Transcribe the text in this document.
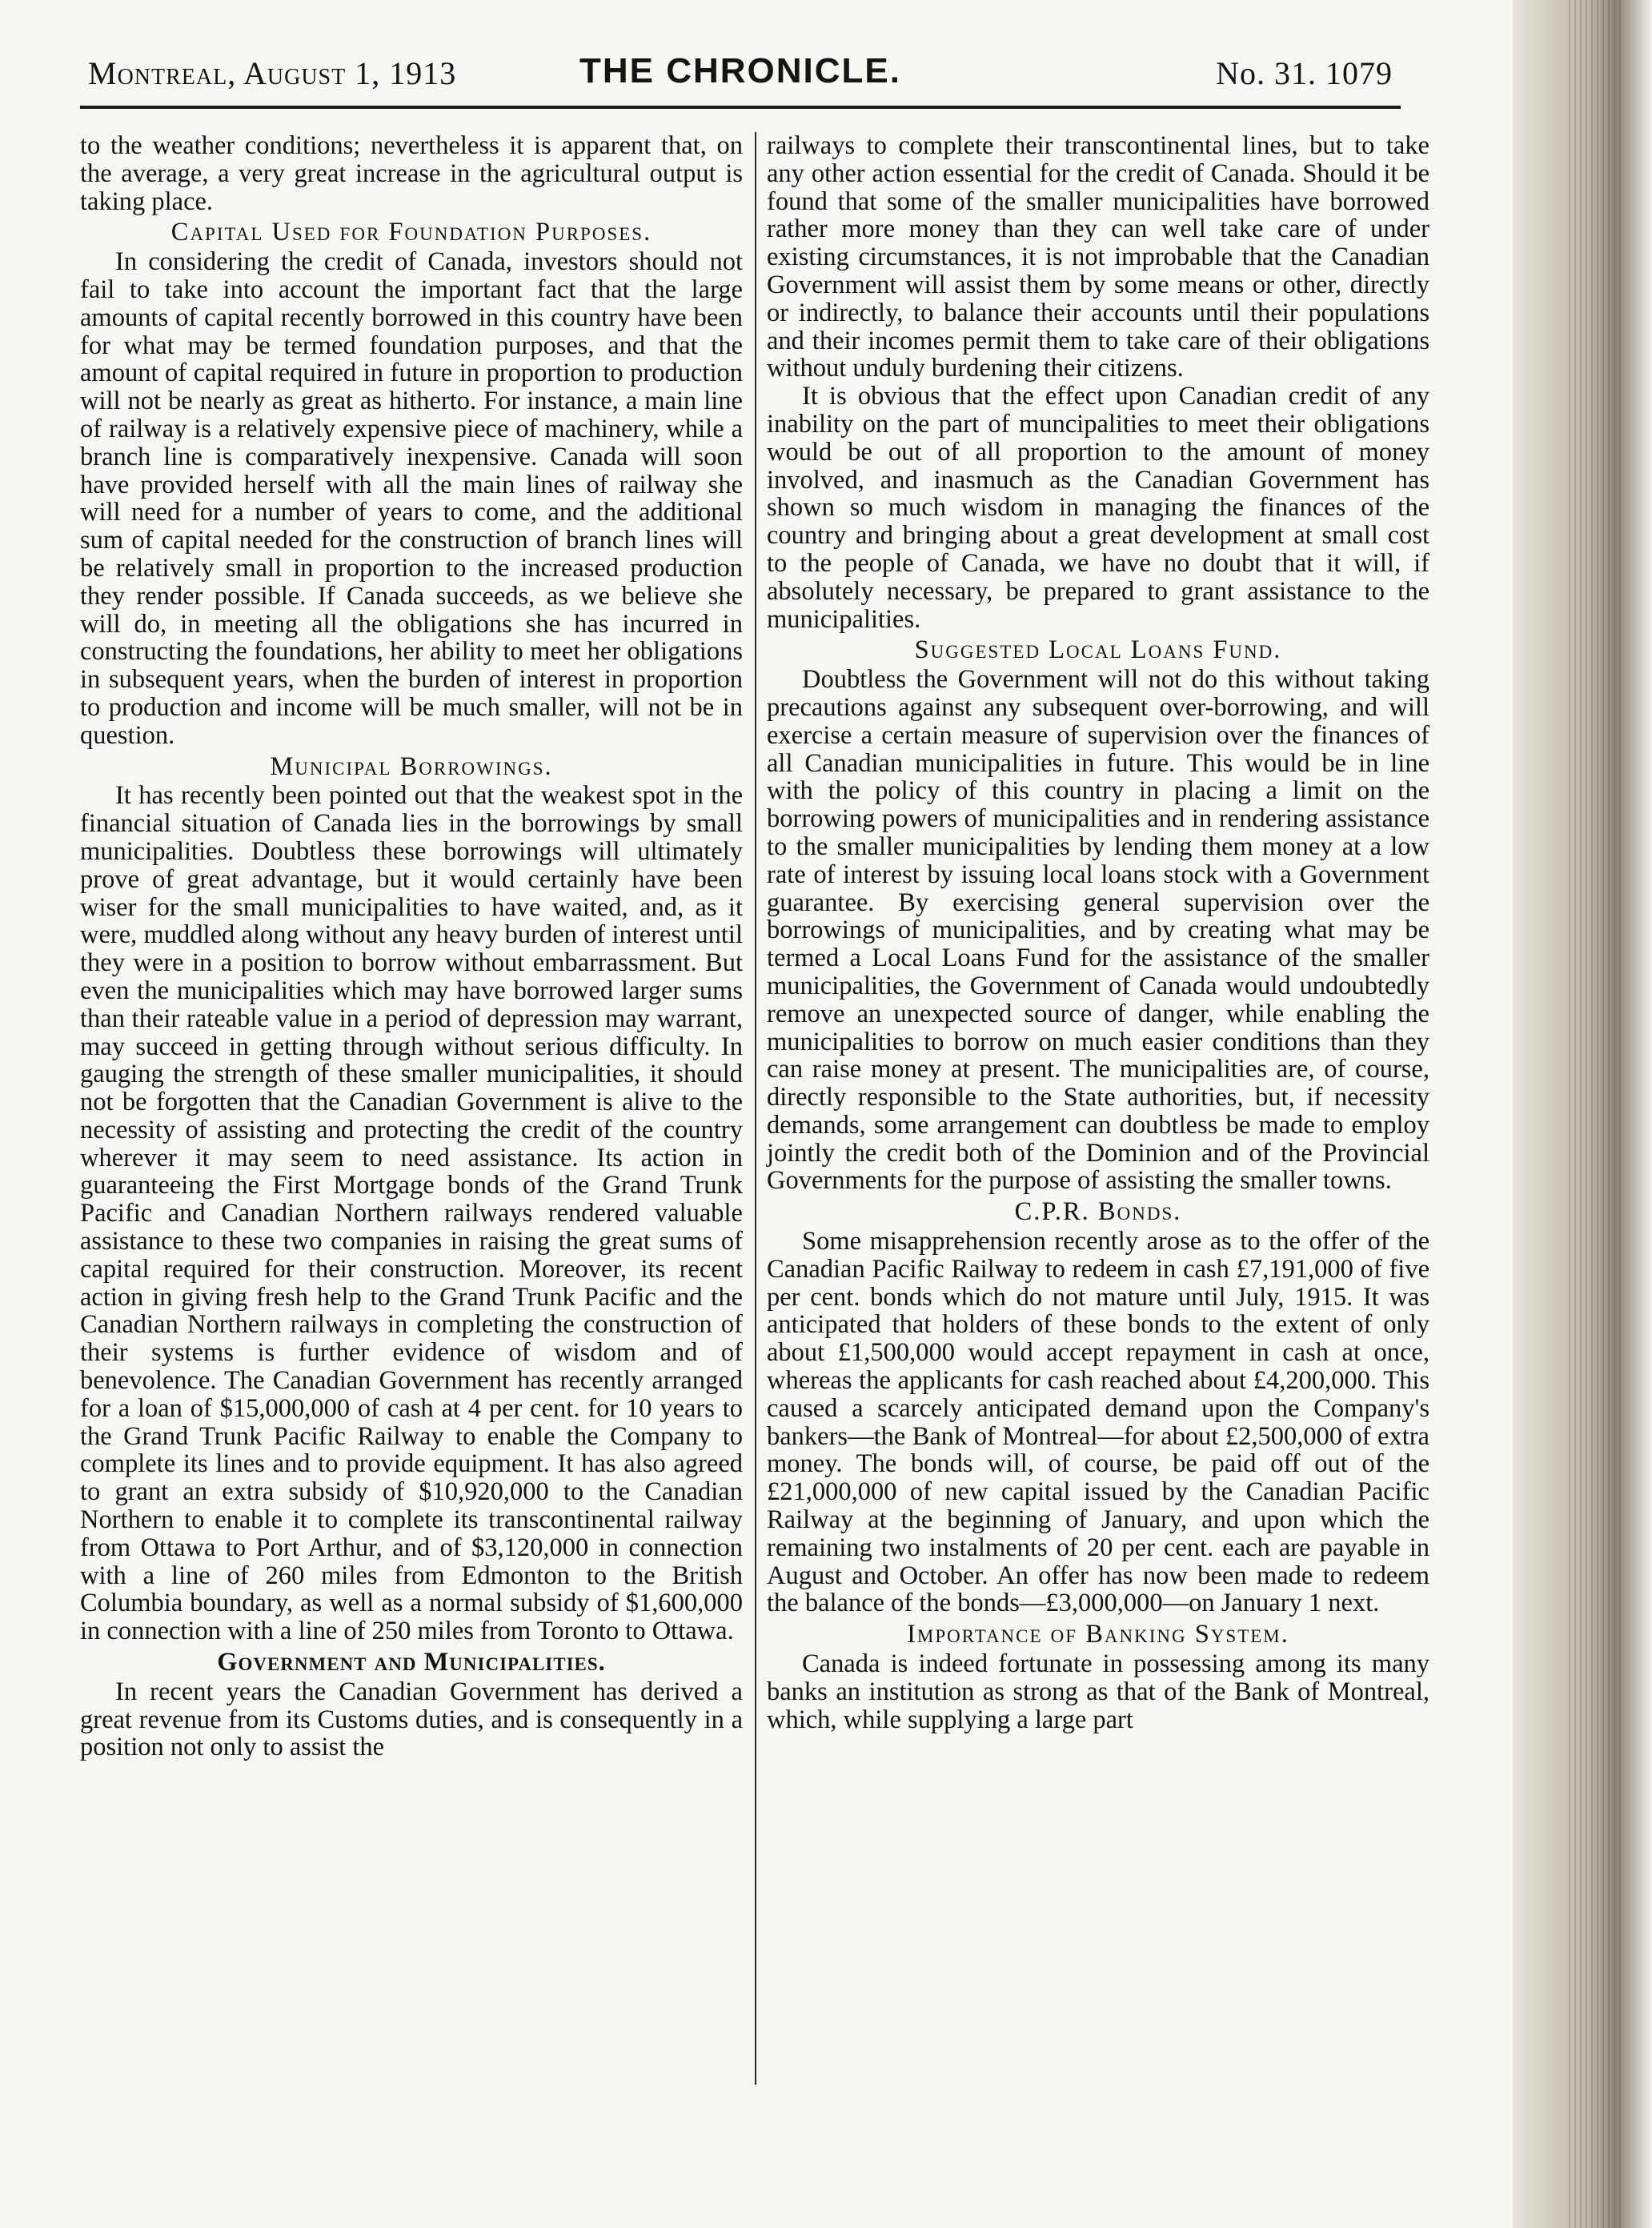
Montreal, August 1, 1913	THE CHRONICLE.	No. 31. 1079

to the weather conditions; nevertheless it is apparent that, on the average, a very great increase in the agricultural output is taking place.

Capital Used for Foundation Purposes.

In considering the credit of Canada, investors should not fail to take into account the important fact that the large amounts of capital recently borrowed in this country have been for what may be termed foundation purposes, and that the amount of capital required in future in proportion to production will not be nearly as great as hitherto. For instance, a main line of railway is a relatively expensive piece of machinery, while a branch line is comparatively inexpensive. Canada will soon have provided herself with all the main lines of railway she will need for a number of years to come, and the additional sum of capital needed for the construction of branch lines will be relatively small in proportion to the increased production they render possible. If Canada succeeds, as we believe she will do, in meeting all the obligations she has incurred in constructing the foundations, her ability to meet her obligations in subsequent years, when the burden of interest in proportion to production and income will be much smaller, will not be in question.

Municipal Borrowings.

It has recently been pointed out that the weakest spot in the financial situation of Canada lies in the borrowings by small municipalities. Doubtless these borrowings will ultimately prove of great advantage, but it would certainly have been wiser for the small municipalities to have waited, and, as it were, muddled along without any heavy burden of interest until they were in a position to borrow without embarrassment. But even the municipalities which may have borrowed larger sums than their rateable value in a period of depression may warrant, may succeed in getting through without serious difficulty. In gauging the strength of these smaller municipalities, it should not be forgotten that the Canadian Government is alive to the necessity of assisting and protecting the credit of the country wherever it may seem to need assistance. Its action in guaranteeing the First Mortgage bonds of the Grand Trunk Pacific and Canadian Northern railways rendered valuable assistance to these two companies in raising the great sums of capital required for their construction. Moreover, its recent action in giving fresh help to the Grand Trunk Pacific and the Canadian Northern railways in completing the construction of their systems is further evidence of wisdom and of benevolence. The Canadian Government has recently arranged for a loan of $15,000,000 of cash at 4 per cent. for 10 years to the Grand Trunk Pacific Railway to enable the Company to complete its lines and to provide equipment. It has also agreed to grant an extra subsidy of $10,920,000 to the Canadian Northern to enable it to complete its transcontinental railway from Ottawa to Port Arthur, and of $3,120,000 in connection with a line of 260 miles from Edmonton to the British Columbia boundary, as well as a normal subsidy of $1,600,000 in connection with a line of 250 miles from Toronto to Ottawa.

Government and Municipalities.

In recent years the Canadian Government has derived a great revenue from its Customs duties, and is consequently in a position not only to assist the

railways to complete their transcontinental lines, but to take any other action essential for the credit of Canada. Should it be found that some of the smaller municipalities have borrowed rather more money than they can well take care of under existing circumstances, it is not improbable that the Canadian Government will assist them by some means or other, directly or indirectly, to balance their accounts until their populations and their incomes permit them to take care of their obligations without unduly burdening their citizens.

It is obvious that the effect upon Canadian credit of any inability on the part of muncipalities to meet their obligations would be out of all proportion to the amount of money involved, and inasmuch as the Canadian Government has shown so much wisdom in managing the finances of the country and bringing about a great development at small cost to the people of Canada, we have no doubt that it will, if absolutely necessary, be prepared to grant assistance to the municipalities.

Suggested Local Loans Fund.

Doubtless the Government will not do this without taking precautions against any subsequent over-borrowing, and will exercise a certain measure of supervision over the finances of all Canadian municipalities in future. This would be in line with the policy of this country in placing a limit on the borrowing powers of municipalities and in rendering assistance to the smaller municipalities by lending them money at a low rate of interest by issuing local loans stock with a Government guarantee. By exercising general supervision over the borrowings of municipalities, and by creating what may be termed a Local Loans Fund for the assistance of the smaller municipalities, the Government of Canada would undoubtedly remove an unexpected source of danger, while enabling the municipalities to borrow on much easier conditions than they can raise money at present. The municipalities are, of course, directly responsible to the State authorities, but, if necessity demands, some arrangement can doubtless be made to employ jointly the credit both of the Dominion and of the Provincial Governments for the purpose of assisting the smaller towns.

C.P.R. Bonds.

Some misapprehension recently arose as to the offer of the Canadian Pacific Railway to redeem in cash £7,191,000 of five per cent. bonds which do not mature until July, 1915. It was anticipated that holders of these bonds to the extent of only about £1,500,000 would accept repayment in cash at once, whereas the applicants for cash reached about £4,200,000. This caused a scarcely anticipated demand upon the Company's bankers—the Bank of Montreal—for about £2,500,000 of extra money. The bonds will, of course, be paid off out of the £21,000,000 of new capital issued by the Canadian Pacific Railway at the beginning of January, and upon which the remaining two instalments of 20 per cent. each are payable in August and October. An offer has now been made to redeem the balance of the bonds—£3,000,000—on January 1 next.

Importance of Banking System.

Canada is indeed fortunate in possessing among its many banks an institution as strong as that of the Bank of Montreal, which, while supplying a large part
